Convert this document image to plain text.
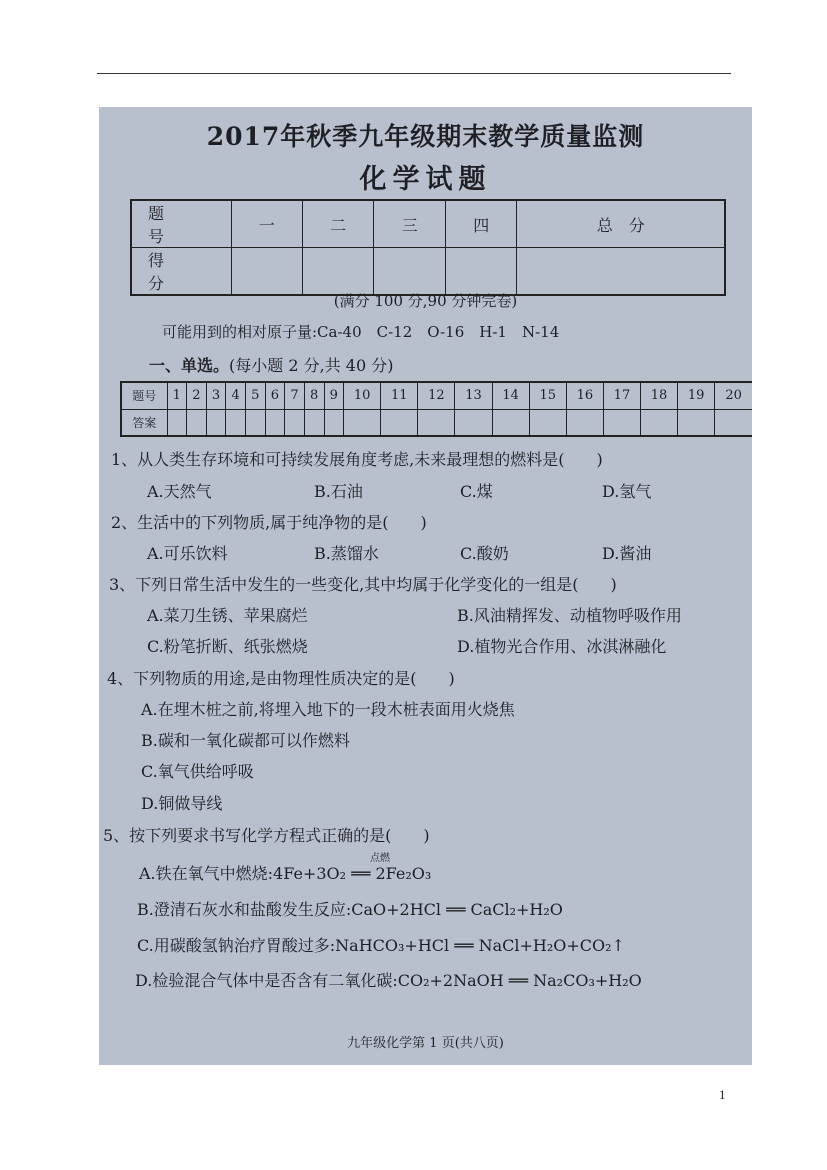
2017年秋季九年级期末教学质量监测
化学试题
题　号	一	二	三	四	总　分
得　分					
(满分 100 分,90 分钟完卷)
可能用到的相对原子量:Ca-40　C-12　O-16　H-1　N-14
一、单选。(每小题 2 分,共 40 分)
题号	1	2	3	4	5	6	7	8	9	10	11	12	13	14	15	16	17	18	19	20
答案																				
1、从人类生存环境和可持续发展角度考虑,未来最理想的燃料是(　　)
A.天然气	B.石油	C.煤	D.氢气
2、生活中的下列物质,属于纯净物的是(　　)
A.可乐饮料	B.蒸馏水	C.酸奶	D.酱油
3、下列日常生活中发生的一些变化,其中均属于化学变化的一组是(　　)
A.菜刀生锈、苹果腐烂	B.风油精挥发、动植物呼吸作用
C.粉笔折断、纸张燃烧	D.植物光合作用、冰淇淋融化
4、下列物质的用途,是由物理性质决定的是(　　)
A.在埋木桩之前,将埋入地下的一段木桩表面用火烧焦
B.碳和一氧化碳都可以作燃料
C.氧气供给呼吸
D.铜做导线
5、按下列要求书写化学方程式正确的是(　　)
A.铁在氧气中燃烧:4Fe+3O₂ ══ 2Fe₂O₃
点燃
B.澄清石灰水和盐酸发生反应:CaO+2HCl ══ CaCl₂+H₂O
C.用碳酸氢钠治疗胃酸过多:NaHCO₃+HCl ══ NaCl+H₂O+CO₂↑
D.检验混合气体中是否含有二氧化碳:CO₂+2NaOH ══ Na₂CO₃+H₂O
九年级化学第 1 页(共八页)
1
